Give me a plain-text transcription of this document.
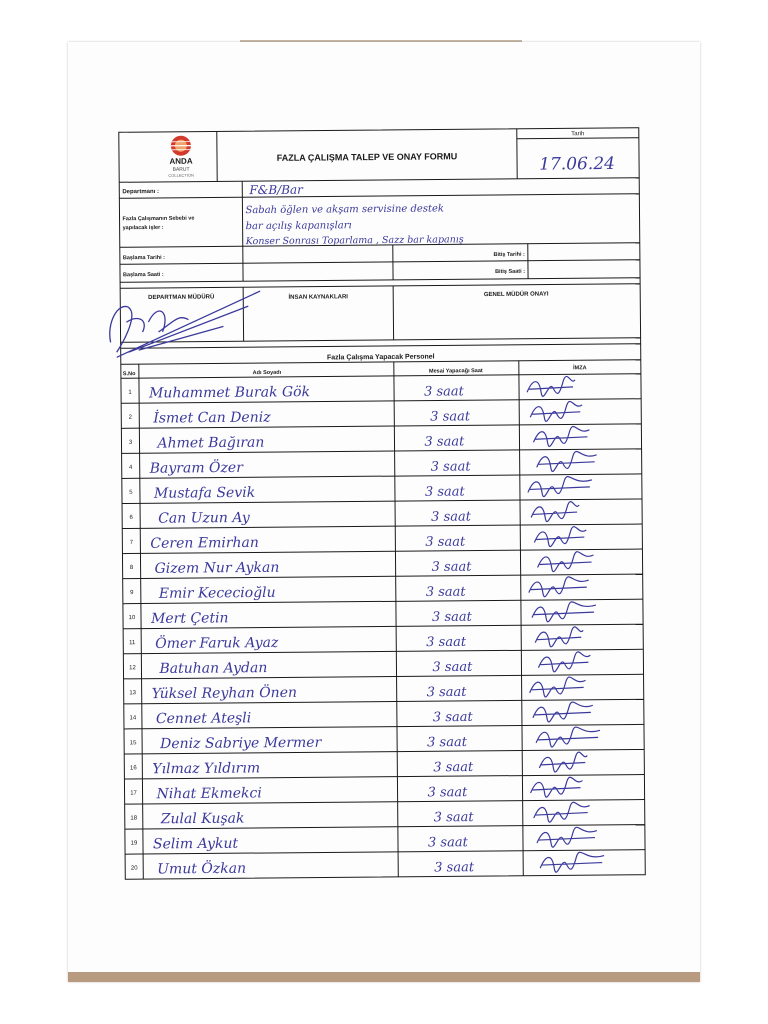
ANDA
BARUT
COLLECTION
FAZLA ÇALIŞMA TALEP VE ONAY FORMU
Tarih
17.06.24
Departmanı :	F&B/Bar
Fazla Çalışmanın Sebebi ve
yapılacak işler :
Sabah öğlen ve akşam servisine destek
bar açılış kapanışları
Konser Sonrası Toparlama , Sazz bar kapanış
Başlama Tarihi :
Bitiş Tarihi :
Başlama Saati :
Bitiş Saati :
DEPARTMAN MÜDÜRÜ	İNSAN KAYNAKLARI	GENEL MÜDÜR ONAYI
Fazla Çalışma Yapacak Personel
S.No	Adı Soyadı	Mesai Yapacağı Saat	İMZA
1 Muhammet Burak Gök	3 saat
2 İsmet Can Deniz	3 saat
3 Ahmet Bağıran	3 saat
4 Bayram Özer	3 saat
5 Mustafa Sevik	3 saat
6 Can Uzun Ay	3 saat
7 Ceren Emirhan	3 saat
8 Gizem Nur Aykan	3 saat
9 Emir Kececioğlu	3 saat
10 Mert Çetin	3 saat
11 Ömer Faruk Ayaz	3 saat
12 Batuhan Aydan	3 saat
13 Yüksel Reyhan Önen	3 saat
14 Cennet Ateşli	3 saat
15 Deniz Sabriye Mermer	3 saat
16 Yılmaz Yıldırım	3 saat
17 Nihat Ekmekci	3 saat
18 Zulal Kuşak	3 saat
19 Selim Aykut	3 saat
20 Umut Özkan	3 saat
